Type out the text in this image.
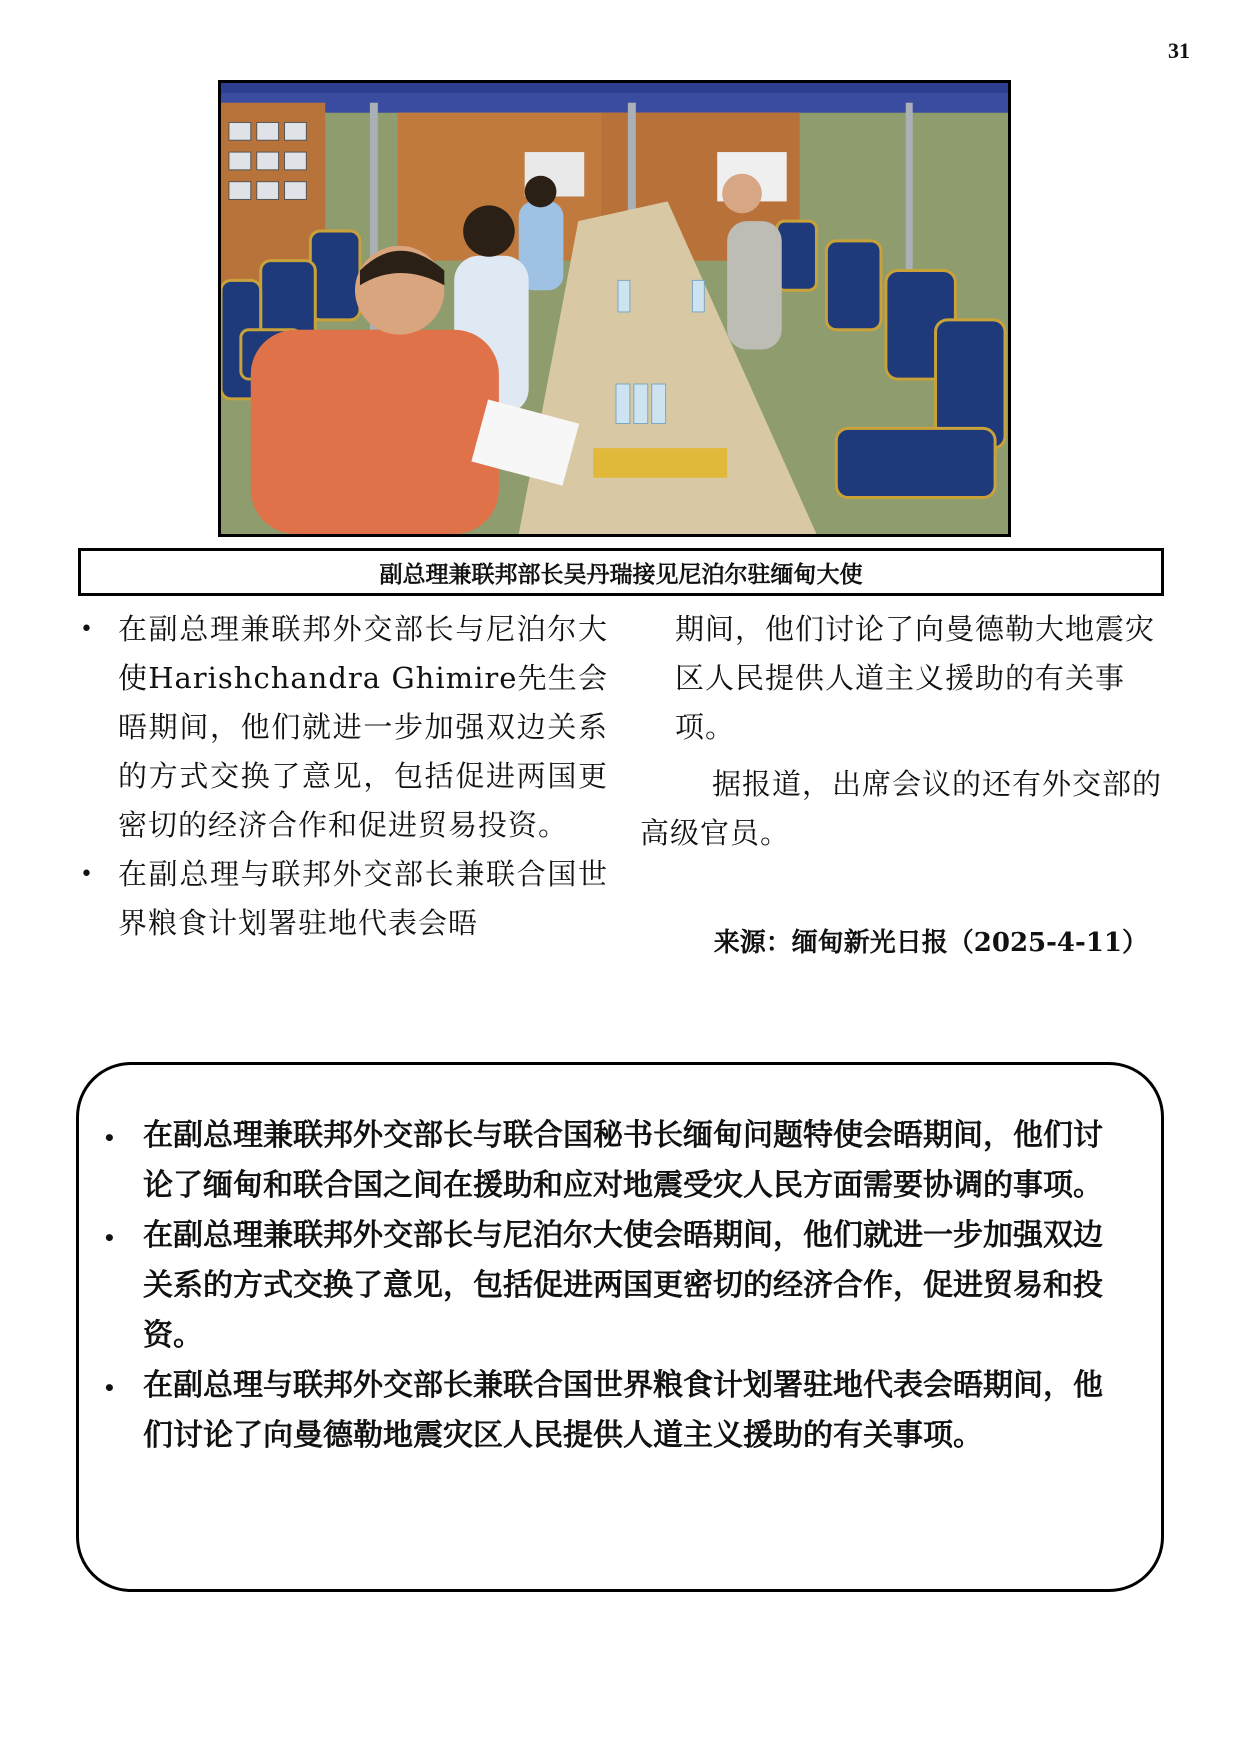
31
副总理兼联邦部长吴丹瑞接见尼泊尔驻缅甸大使
• 在副总理兼联邦外交部长与尼泊尔大使Harishchandra Ghimire先生会晤期间，他们就进一步加强双边关系的方式交换了意见，包括促进两国更密切的经济合作和促进贸易投资。
• 在副总理与联邦外交部长兼联合国世界粮食计划署驻地代表会晤
期间，他们讨论了向曼德勒大地震灾区人民提供人道主义援助的有关事项。
据报道，出席会议的还有外交部的高级官员。
来源：缅甸新光日报（2025-4-11）
• 在副总理兼联邦外交部长与联合国秘书长缅甸问题特使会晤期间，他们讨论了缅甸和联合国之间在援助和应对地震受灾人民方面需要协调的事项。
• 在副总理兼联邦外交部长与尼泊尔大使会晤期间，他们就进一步加强双边关系的方式交换了意见，包括促进两国更密切的经济合作，促进贸易和投资。
• 在副总理与联邦外交部长兼联合国世界粮食计划署驻地代表会晤期间，他们讨论了向曼德勒地震灾区人民提供人道主义援助的有关事项。
